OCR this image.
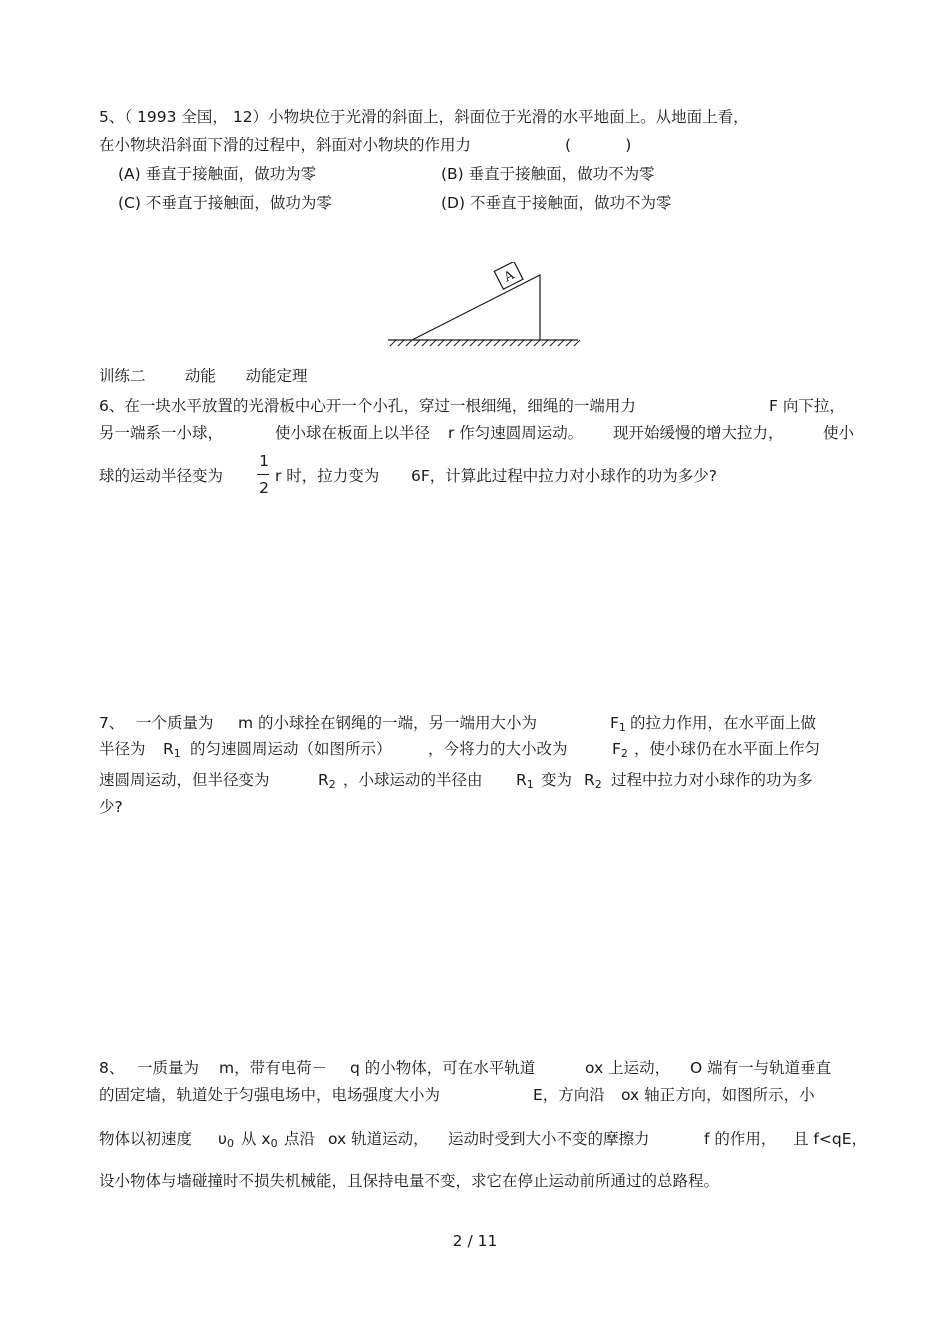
5、（ 1993 全国， 12）小物块位于光滑的斜面上，斜面位于光滑的水平地面上。从地面上看，
在小物块沿斜面下滑的过程中，斜面对小物块的作用力	(           )
(A) 垂直于接触面，做功为零	(B) 垂直于接触面，做功不为零
(C) 不垂直于接触面，做功为零	(D) 不垂直于接触面，做功不为零
A
训练二        动能      动能定理
6、在一块水平放置的光滑板中心开一个小孔，穿过一根细绳，细绳的一端用力	F 向下拉，
另一端系一小球，	使小球在板面上以半径 r 作匀速圆周运动。 现开始缓慢的增大拉力，	使小
球的运动半径变为
1
2
r 时，拉力变为 6F，计算此过程中拉力对小球作的功为多少?
7、 一个质量为 m 的小球拴在钢绳的一端，另一端用大小为	$F_1$ 的拉力作用，在水平面上做
半径为 $R_1$ 的匀速圆周运动（如图所示） ，今将力的大小改为	$F_2$ ，使小球仍在水平面上作匀
速圆周运动，但半径变为	$R_2$ ，小球运动的半径由 $R_1$ 变为 $R_2$ 过程中拉力对小球作的功为多
少?
8、 一质量为 m，带有电荷－ q 的小物体，可在水平轨道	ox 上运动， O 端有一与轨道垂直
的固定墙，轨道处于匀强电场中，电场强度大小为	E，方向沿 ox 轴正方向，如图所示，小
物体以初速度 $\upsilon_0$ 从 $x_0$ 点沿 ox 轨道运动， 运动时受到大小不变的摩擦力	f 的作用， 且 f<qE，
设小物体与墙碰撞时不损失机械能，且保持电量不变，求它在停止运动前所通过的总路程。
2 / 11
